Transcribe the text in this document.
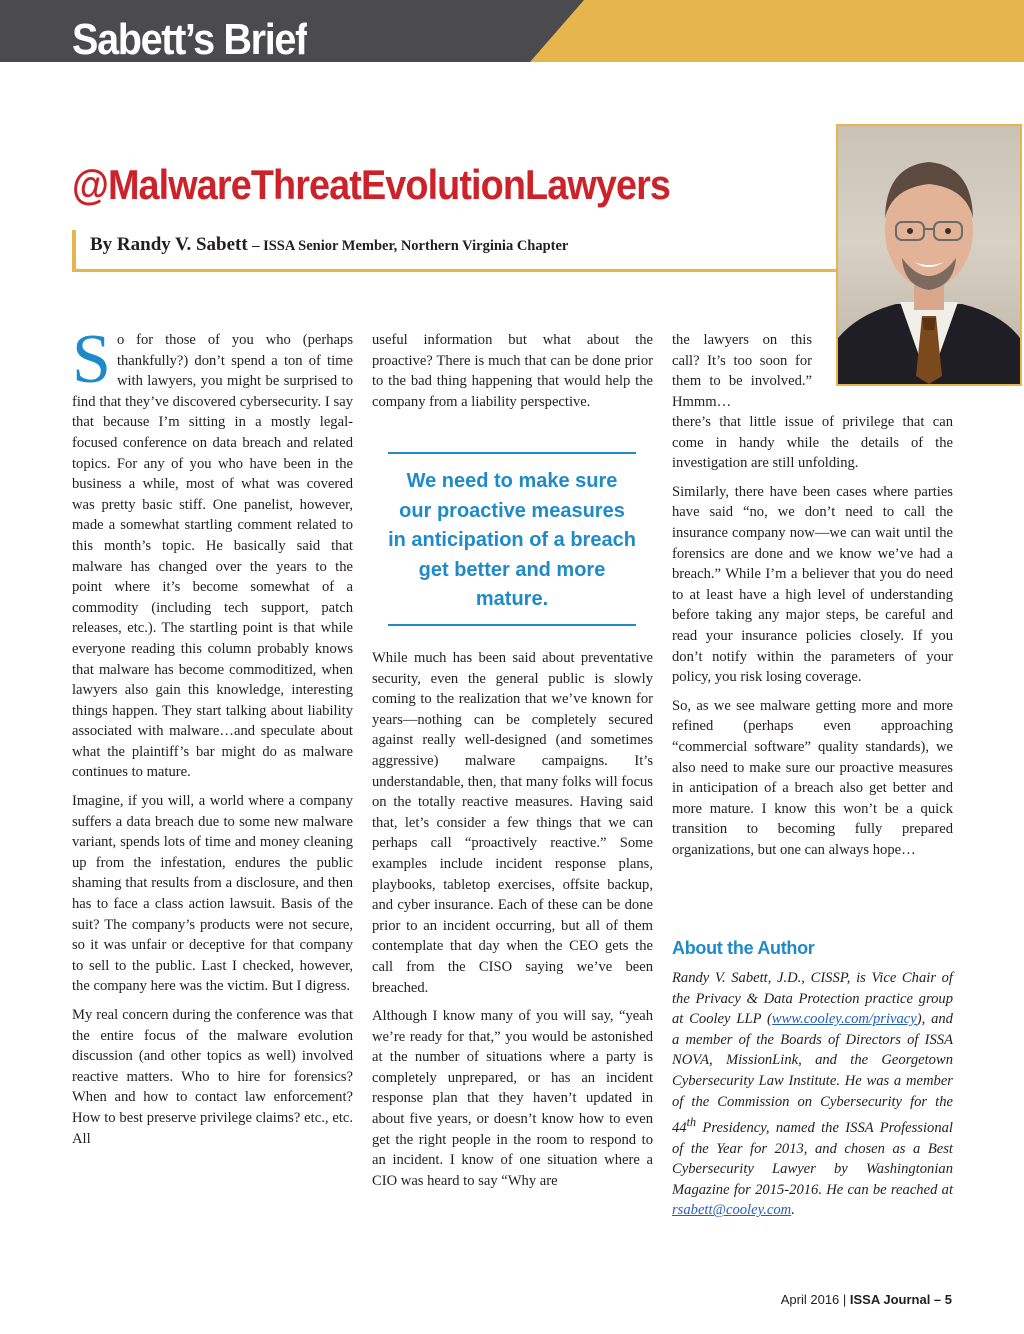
Sabett’s Brief
@MalwareThreatEvolutionLawyers
By Randy V. Sabett – ISSA Senior Member, Northern Virginia Chapter

So for those of you who (perhaps thankfully?) don’t spend a ton of time with lawyers, you might be surprised to find that they’ve discovered cybersecurity. I say that because I’m sitting in a mostly legal-focused conference on data breach and related topics. For any of you who have been in the business a while, most of what was covered was pretty basic stiff. One panelist, however, made a somewhat startling comment related to this month’s topic. He basically said that malware has changed over the years to the point where it’s become somewhat of a commodity (including tech support, patch releases, etc.). The startling point is that while everyone reading this column probably knows that malware has become commoditized, when lawyers also gain this knowledge, interesting things happen. They start talking about liability associated with malware…and speculate about what the plaintiff’s bar might do as malware continues to mature.

Imagine, if you will, a world where a company suffers a data breach due to some new malware variant, spends lots of time and money cleaning up from the infestation, endures the public shaming that results from a disclosure, and then has to face a class action lawsuit. Basis of the suit? The company’s products were not secure, so it was unfair or deceptive for that company to sell to the public. Last I checked, however, the company here was the victim. But I digress.

My real concern during the conference was that the entire focus of the malware evolution discussion (and other topics as well) involved reactive matters. Who to hire for forensics? When and how to contact law enforcement? How to best preserve privilege claims? etc., etc. All

useful information but what about the proactive? There is much that can be done prior to the bad thing happening that would help the company from a liability perspective.

We need to make sure our proactive measures in anticipation of a breach get better and more mature.

While much has been said about preventative security, even the general public is slowly coming to the realization that we’ve known for years—nothing can be completely secured against really well-designed (and sometimes aggressive) malware campaigns. It’s understandable, then, that many folks will focus on the totally reactive measures. Having said that, let’s consider a few things that we can perhaps call “proactively reactive.” Some examples include incident response plans, playbooks, tabletop exercises, offsite backup, and cyber insurance. Each of these can be done prior to an incident occurring, but all of them contemplate that day when the CEO gets the call from the CISO saying we’ve been breached.

Although I know many of you will say, “yeah we’re ready for that,” you would be astonished at the number of situations where a party is completely unprepared, or has an incident response plan that they haven’t updated in about five years, or doesn’t know how to even get the right people in the room to respond to an incident. I know of one situation where a CIO was heard to say “Why are

the lawyers on this call? It’s too soon for them to be involved.” Hmmm…

there’s that little issue of privilege that can come in handy while the details of the investigation are still unfolding.

Similarly, there have been cases where parties have said “no, we don’t need to call the insurance company now—we can wait until the forensics are done and we know we’ve had a breach.” While I’m a believer that you do need to at least have a high level of understanding before taking any major steps, be careful and read your insurance policies closely. If you don’t notify within the parameters of your policy, you risk losing coverage.

So, as we see malware getting more and more refined (perhaps even approaching “commercial software” quality standards), we also need to make sure our proactive measures in anticipation of a breach also get better and more mature. I know this won’t be a quick transition to becoming fully prepared organizations, but one can always hope…

About the Author
Randy V. Sabett, J.D., CISSP, is Vice Chair of the Privacy & Data Protection practice group at Cooley LLP (www.cooley.com/privacy), and a member of the Boards of Directors of ISSA NOVA, MissionLink, and the Georgetown Cybersecurity Law Institute. He was a member of the Commission on Cybersecurity for the 44th Presidency, named the ISSA Professional of the Year for 2013, and chosen as a Best Cybersecurity Lawyer by Washingtonian Magazine for 2015-2016. He can be reached at rsabett@cooley.com.
April 2016 | ISSA Journal – 5
